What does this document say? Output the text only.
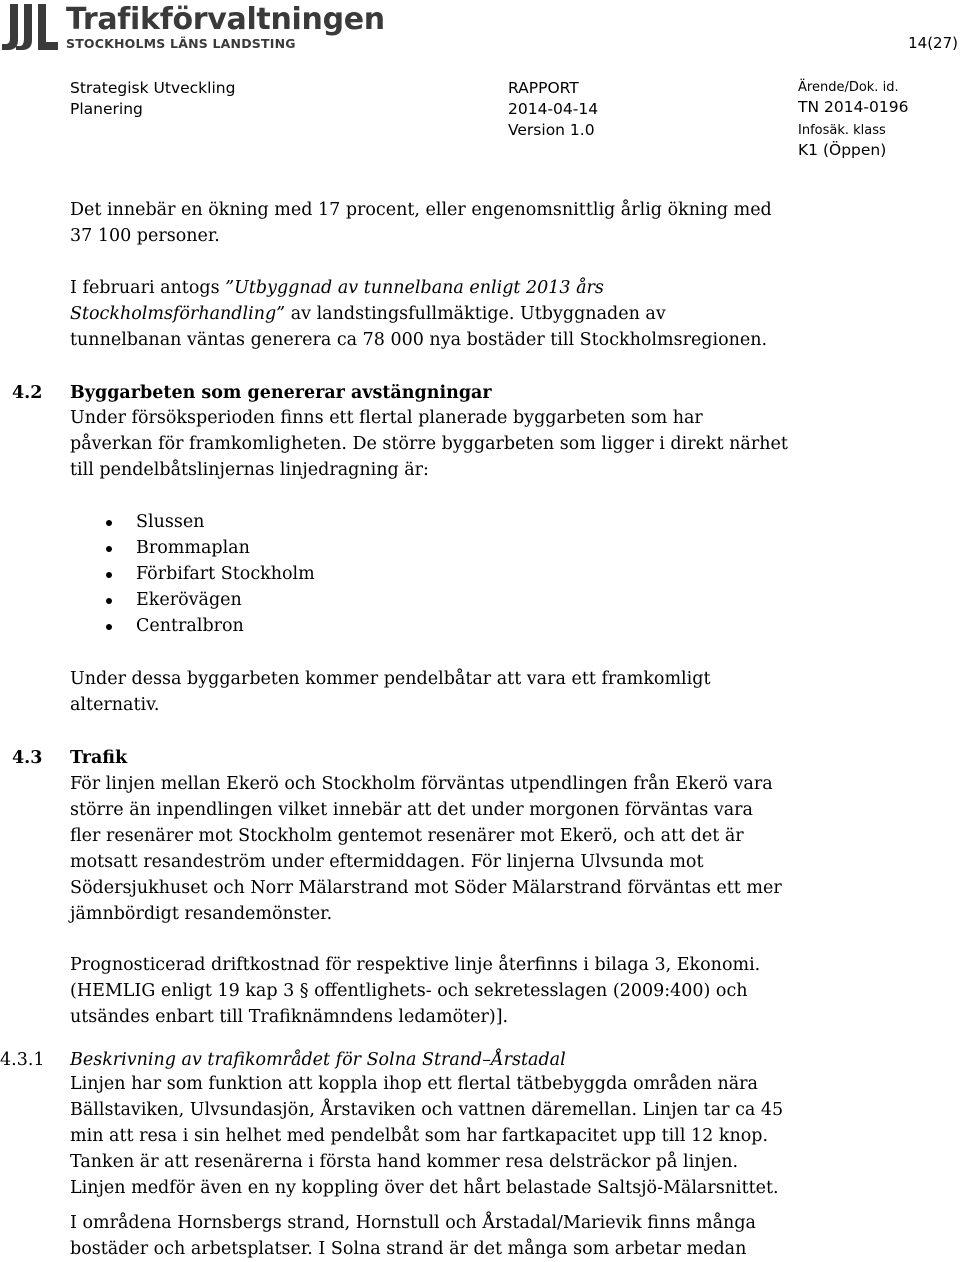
Trafikförvaltningen
STOCKHOLMS LÄNS LANDSTING	14(27)
Strategisk Utveckling
Planering
RAPPORT
2014-04-14
Version 1.0
Ärende/Dok. id.
TN 2014-0196
Infosäk. klass
K1 (Öppen)

Det innebär en ökning med 17 procent, eller engenomsnittlig årlig ökning med

37 100 personer.

I februari antogs ”Utbyggnad av tunnelbana enligt 2013 års

Stockholmsförhandling” av landstingsfullmäktige. Utbyggnaden av

tunnelbanan väntas generera ca 78 000 nya bostäder till Stockholmsregionen.

4.2 Byggarbeten som genererar avstängningar

Under försöksperioden finns ett flertal planerade byggarbeten som har

påverkan för framkomligheten. De större byggarbeten som ligger i direkt närhet

till pendelbåtslinjernas linjedragning är:

Slussen
Brommaplan
Förbifart Stockholm
Ekerövägen
Centralbron

Under dessa byggarbeten kommer pendelbåtar att vara ett framkomligt

alternativ.

4.3 Trafik

För linjen mellan Ekerö och Stockholm förväntas utpendlingen från Ekerö vara

större än inpendlingen vilket innebär att det under morgonen förväntas vara

fler resenärer mot Stockholm gentemot resenärer mot Ekerö, och att det är

motsatt resandeström under eftermiddagen. För linjerna Ulvsunda mot

Södersjukhuset och Norr Mälarstrand mot Söder Mälarstrand förväntas ett mer

jämnbördigt resandemönster.

Prognosticerad driftkostnad för respektive linje återfinns i bilaga 3, Ekonomi.

(HEMLIG enligt 19 kap 3 § offentlighets- och sekretesslagen (2009:400) och

utsändes enbart till Trafiknämndens ledamöter)].

4.3.1 Beskrivning av trafikområdet för Solna Strand–Årstadal

Linjen har som funktion att koppla ihop ett flertal tätbebyggda områden nära

Bällstaviken, Ulvsundasjön, Årstaviken och vattnen däremellan. Linjen tar ca 45

min att resa i sin helhet med pendelbåt som har fartkapacitet upp till 12 knop.

Tanken är att resenärerna i första hand kommer resa delsträckor på linjen.

Linjen medför även en ny koppling över det hårt belastade Saltsjö-Mälarsnittet.

I områdena Hornsbergs strand, Hornstull och Årstadal/Marievik finns många

bostäder och arbetsplatser. I Solna strand är det många som arbetar medan
